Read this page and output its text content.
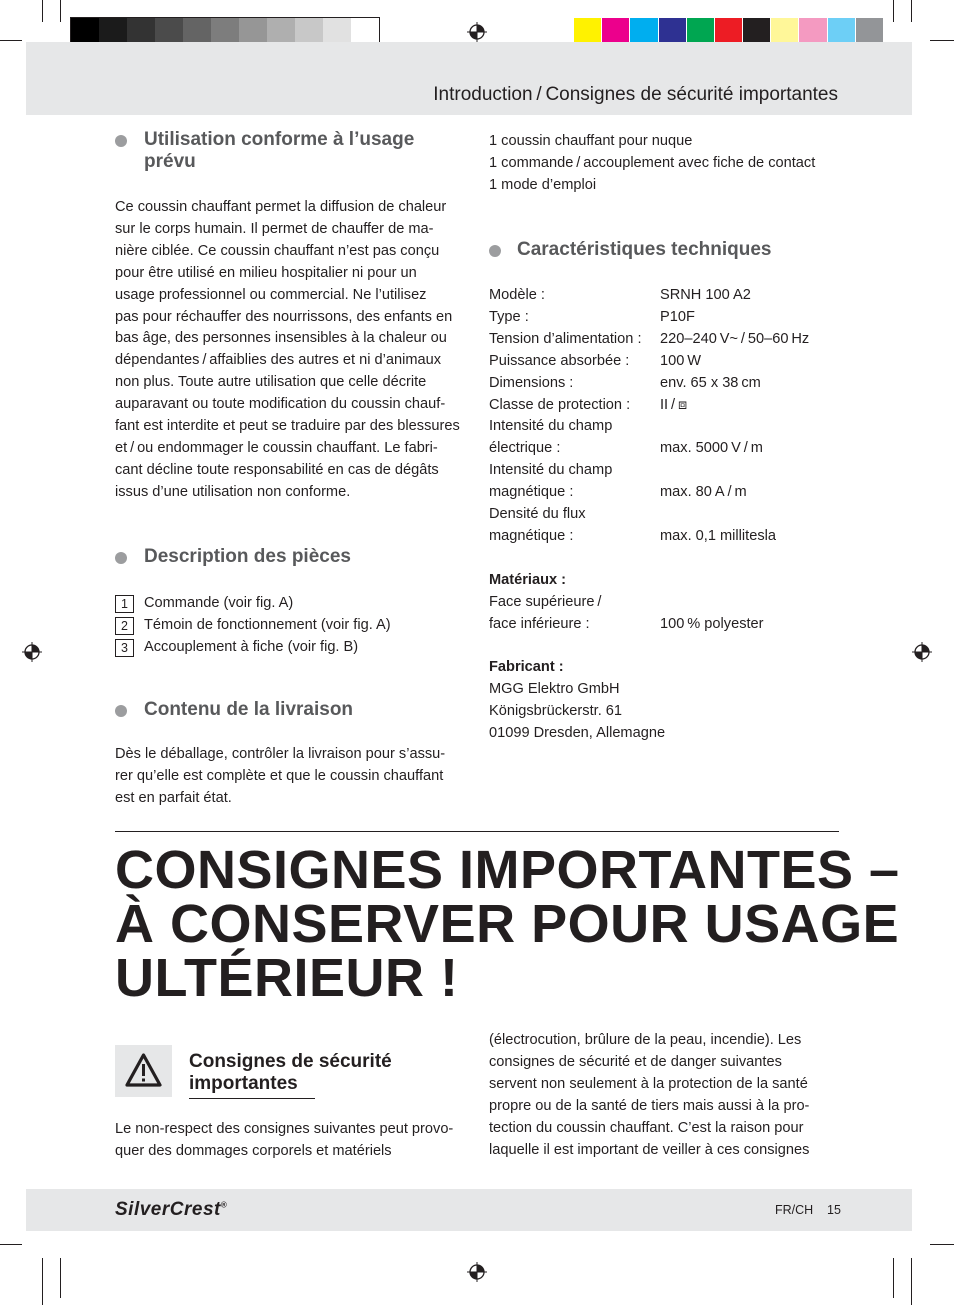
Introduction / Consignes de sécurité importantes
Utilisation conforme à l’usage
prévu
Ce coussin chauffant permet la diffusion de chaleur
sur le corps humain. Il permet de chauffer de ma-
nière ciblée. Ce coussin chauffant n’est pas conçu
pour être utilisé en milieu hospitalier ni pour un
usage professionnel ou commercial. Ne l’utilisez
pas pour réchauffer des nourrissons, des enfants en
bas âge, des personnes insensibles à la chaleur ou
dépendantes / affaiblies des autres et ni d’animaux
non plus. Toute autre utilisation que celle décrite
auparavant ou toute modification du coussin chauf-
fant est interdite et peut se traduire par des blessures
et / ou endommager le coussin chauffant. Le fabri-
cant décline toute responsabilité en cas de dégâts
issus d’une utilisation non conforme.
Description des pièces
1	Commande (voir fig. A)
2	Témoin de fonctionnement (voir fig. A)
3	Accouplement à fiche (voir fig. B)
Contenu de la livraison
Dès le déballage, contrôler la livraison pour s’assu-
rer qu’elle est complète et que le coussin chauffant
est en parfait état.
1 coussin chauffant pour nuque
1 commande / accouplement avec fiche de contact
1 mode d’emploi
Caractéristiques techniques
Modèle :	SRNH 100 A2
Type :	P10F
Tension d’alimentation : 220–240 V~ / 50–60 Hz
Puissance absorbée : 100 W
Dimensions :	env. 65 x 38 cm
Classe de protection : II / ⧈
Intensité du champ
électrique :	max. 5000 V / m
Intensité du champ
magnétique :	max. 80 A / m
Densité du flux
magnétique :	max. 0,1 millitesla
Matériaux :
Face supérieure /
face inférieure :	100 % polyester
Fabricant :
MGG Elektro GmbH
Königsbrückerstr. 61
01099 Dresden, Allemagne
CONSIGNES IMPORTANTES –
À CONSERVER POUR USAGE
ULTÉRIEUR !
Consignes de sécurité
importantes
Le non-respect des consignes suivantes peut provo-
quer des dommages corporels et matériels
(électrocution, brûlure de la peau, incendie). Les
consignes de sécurité et de danger suivantes
servent non seulement à la protection de la santé
propre ou de la santé de tiers mais aussi à la pro-
tection du coussin chauffant. C’est la raison pour
laquelle il est important de veiller à ces consignes
SilverCrest®	FR/CH 15
